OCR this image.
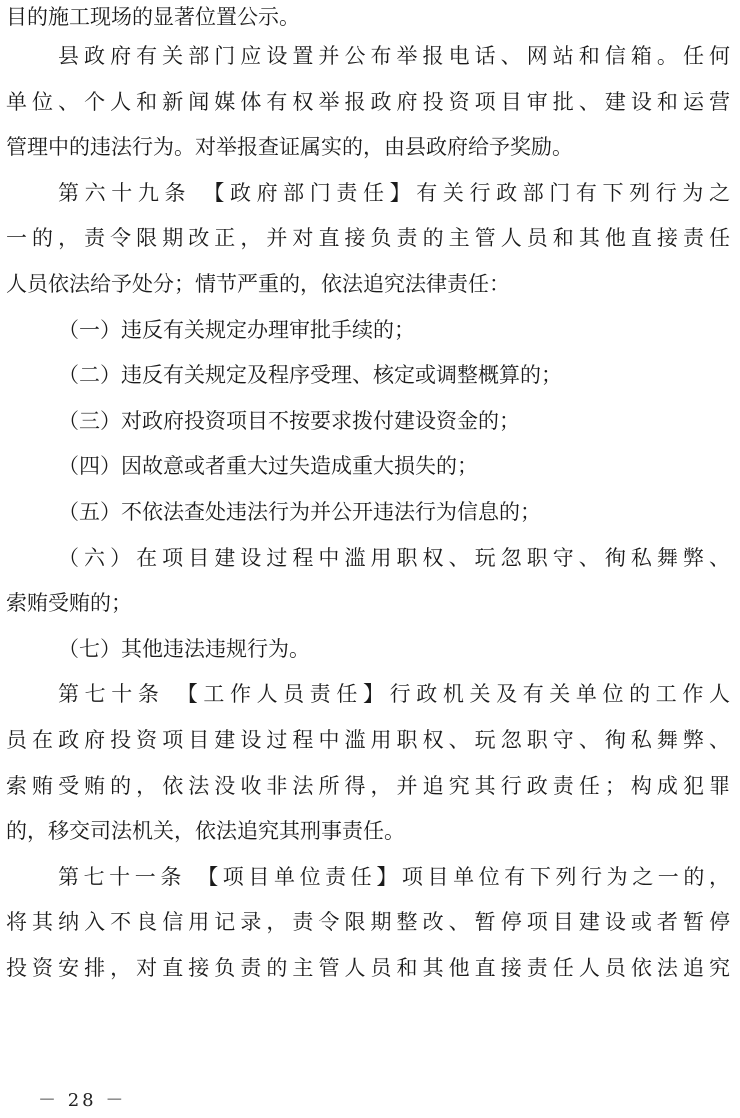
目的施工现场的显著位置公示。
县政府有关部门应设置并公布举报电话、网站和信箱。任何
单位、个人和新闻媒体有权举报政府投资项目审批、建设和运营
管理中的违法行为。对举报查证属实的，由县政府给予奖励。
第六十九条 【政府部门责任】有关行政部门有下列行为之
一的，责令限期改正，并对直接负责的主管人员和其他直接责任
人员依法给予处分；情节严重的，依法追究法律责任：
（一）违反有关规定办理审批手续的；
（二）违反有关规定及程序受理、核定或调整概算的；
（三）对政府投资项目不按要求拨付建设资金的；
（四）因故意或者重大过失造成重大损失的；
（五）不依法查处违法行为并公开违法行为信息的；
（六）在项目建设过程中滥用职权、玩忽职守、徇私舞弊、
索贿受贿的；
（七）其他违法违规行为。
第七十条 【工作人员责任】行政机关及有关单位的工作人
员在政府投资项目建设过程中滥用职权、玩忽职守、徇私舞弊、
索贿受贿的，依法没收非法所得，并追究其行政责任；构成犯罪
的，移交司法机关，依法追究其刑事责任。
第七十一条 【项目单位责任】项目单位有下列行为之一的，
将其纳入不良信用记录，责令限期整改、暂停项目建设或者暂停
投资安排，对直接负责的主管人员和其他直接责任人员依法追究
－ 28 －
